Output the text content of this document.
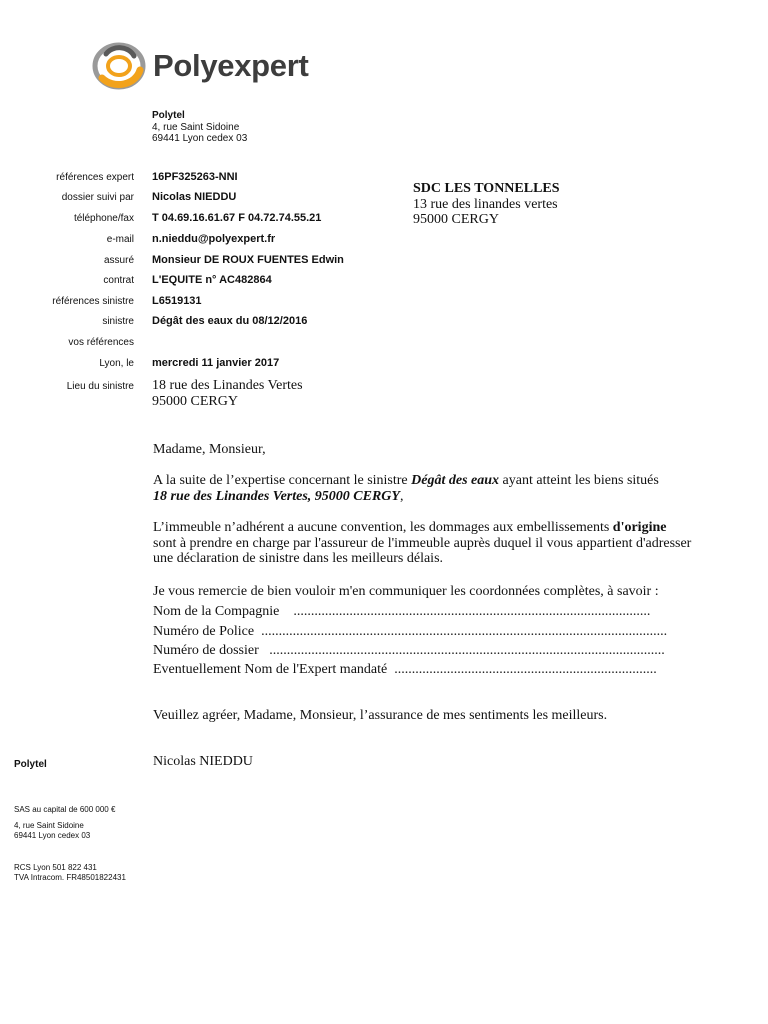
Polyexpert
Polytel
4, rue Saint Sidoine
69441 Lyon cedex 03
références expert 16PF325263-NNI
dossier suivi par Nicolas NIEDDU
téléphone/fax T 04.69.16.61.67 F 04.72.74.55.21
e-mail n.nieddu@polyexpert.fr
assuré Monsieur DE ROUX FUENTES Edwin
contrat L'EQUITE n° AC482864
références sinistre L6519131
sinistre Dégât des eaux du 08/12/2016
vos références
Lyon, le mercredi 11 janvier 2017
Lieu du sinistre 18 rue des Linandes Vertes
95000 CERGY
SDC LES TONNELLES
13 rue des linandes vertes
95000 CERGY
Madame, Monsieur,
A la suite de l’expertise concernant le sinistre Dégât des eaux ayant atteint les biens situés
18 rue des Linandes Vertes, 95000 CERGY,
L’immeuble n’adhérent a aucune convention, les dommages aux embellissements d'origine sont à prendre en charge par l'assureur de l'immeuble auprès duquel il vous appartient d'adresser une déclaration de sinistre dans les meilleurs délais.
Je vous remercie de bien vouloir m'en communiquer les coordonnées complètes, à savoir :
Nom de la Compagnie ......................................................................................................
Numéro de Police ....................................................................................................................
Numéro de dossier .................................................................................................................
Eventuellement Nom de l'Expert mandaté ...........................................................................
Veuillez agréer, Madame, Monsieur, l’assurance de mes sentiments les meilleurs.
Nicolas NIEDDU
Polytel
SAS au capital de 600 000 €
4, rue Saint Sidoine
69441 Lyon cedex 03
RCS Lyon 501 822 431
TVA Intracom. FR48501822431
